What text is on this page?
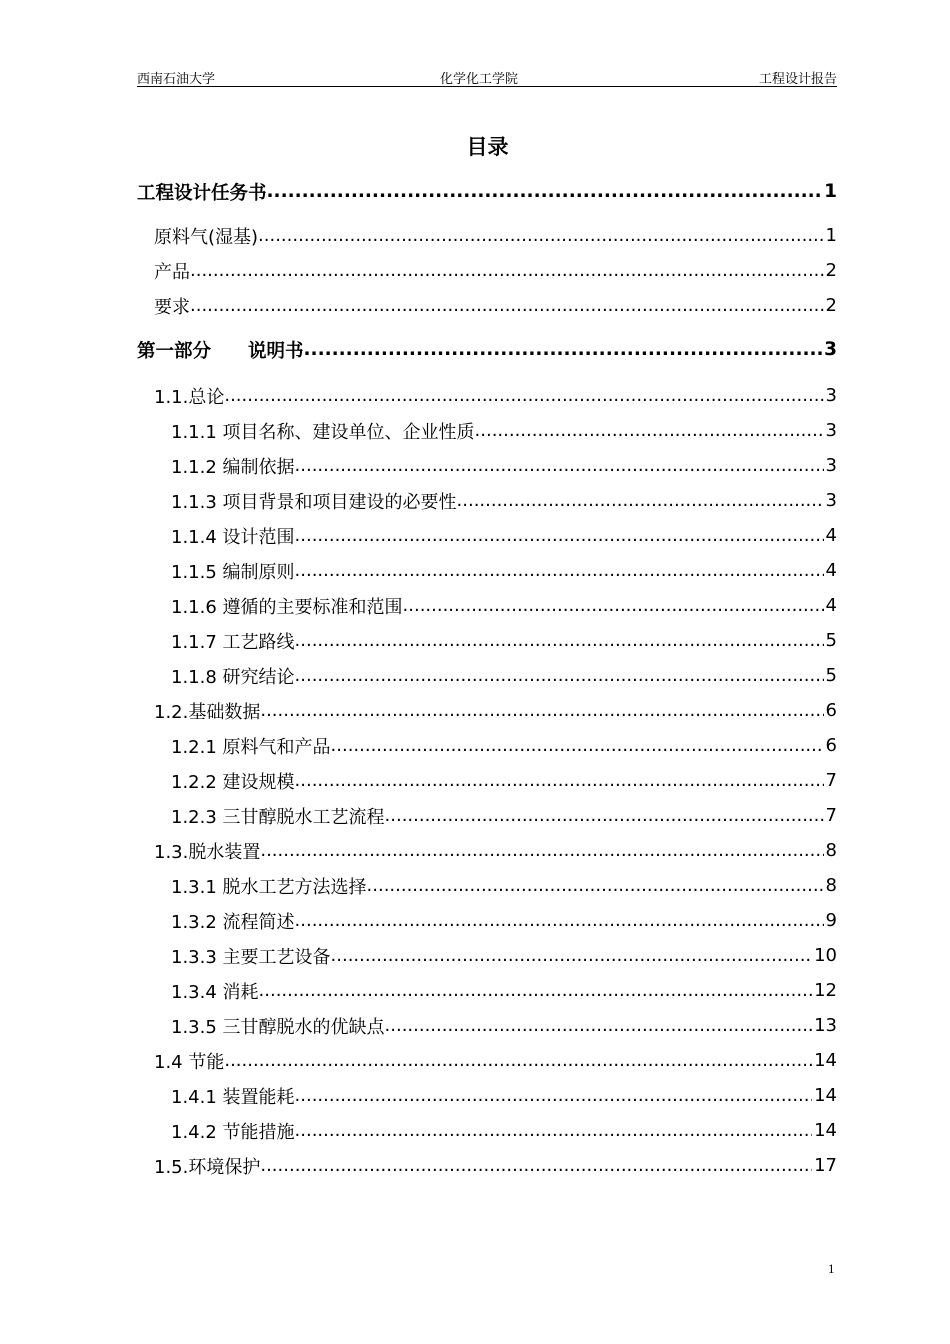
西南石油大学	化学化工学院	工程设计报告
目录
工程设计任务书 .....	1
原料气(湿基) .....	1
产品 .....	2
要求 .....	2
第一部分　　说明书 .....	3
1.1.总论 .....	3
1.1.1 项目名称、建设单位、企业性质 .....	3
1.1.2 编制依据 .....	3
1.1.3 项目背景和项目建设的必要性 .....	3
1.1.4 设计范围 .....	4
1.1.5 编制原则 .....	4
1.1.6 遵循的主要标准和范围 .....	4
1.1.7 工艺路线 .....	5
1.1.8 研究结论 .....	5
1.2.基础数据 .....	6
1.2.1 原料气和产品 .....	6
1.2.2 建设规模 .....	7
1.2.3 三甘醇脱水工艺流程 .....	7
1.3.脱水装置 .....	8
1.3.1 脱水工艺方法选择 .....	8
1.3.2 流程简述 .....	9
1.3.3 主要工艺设备 .....	10
1.3.4 消耗 .....	12
1.3.5 三甘醇脱水的优缺点 .....	13
1.4 节能 .....	14
1.4.1 装置能耗 .....	14
1.4.2 节能措施 .....	14
1.5.环境保护 .....	17
1
